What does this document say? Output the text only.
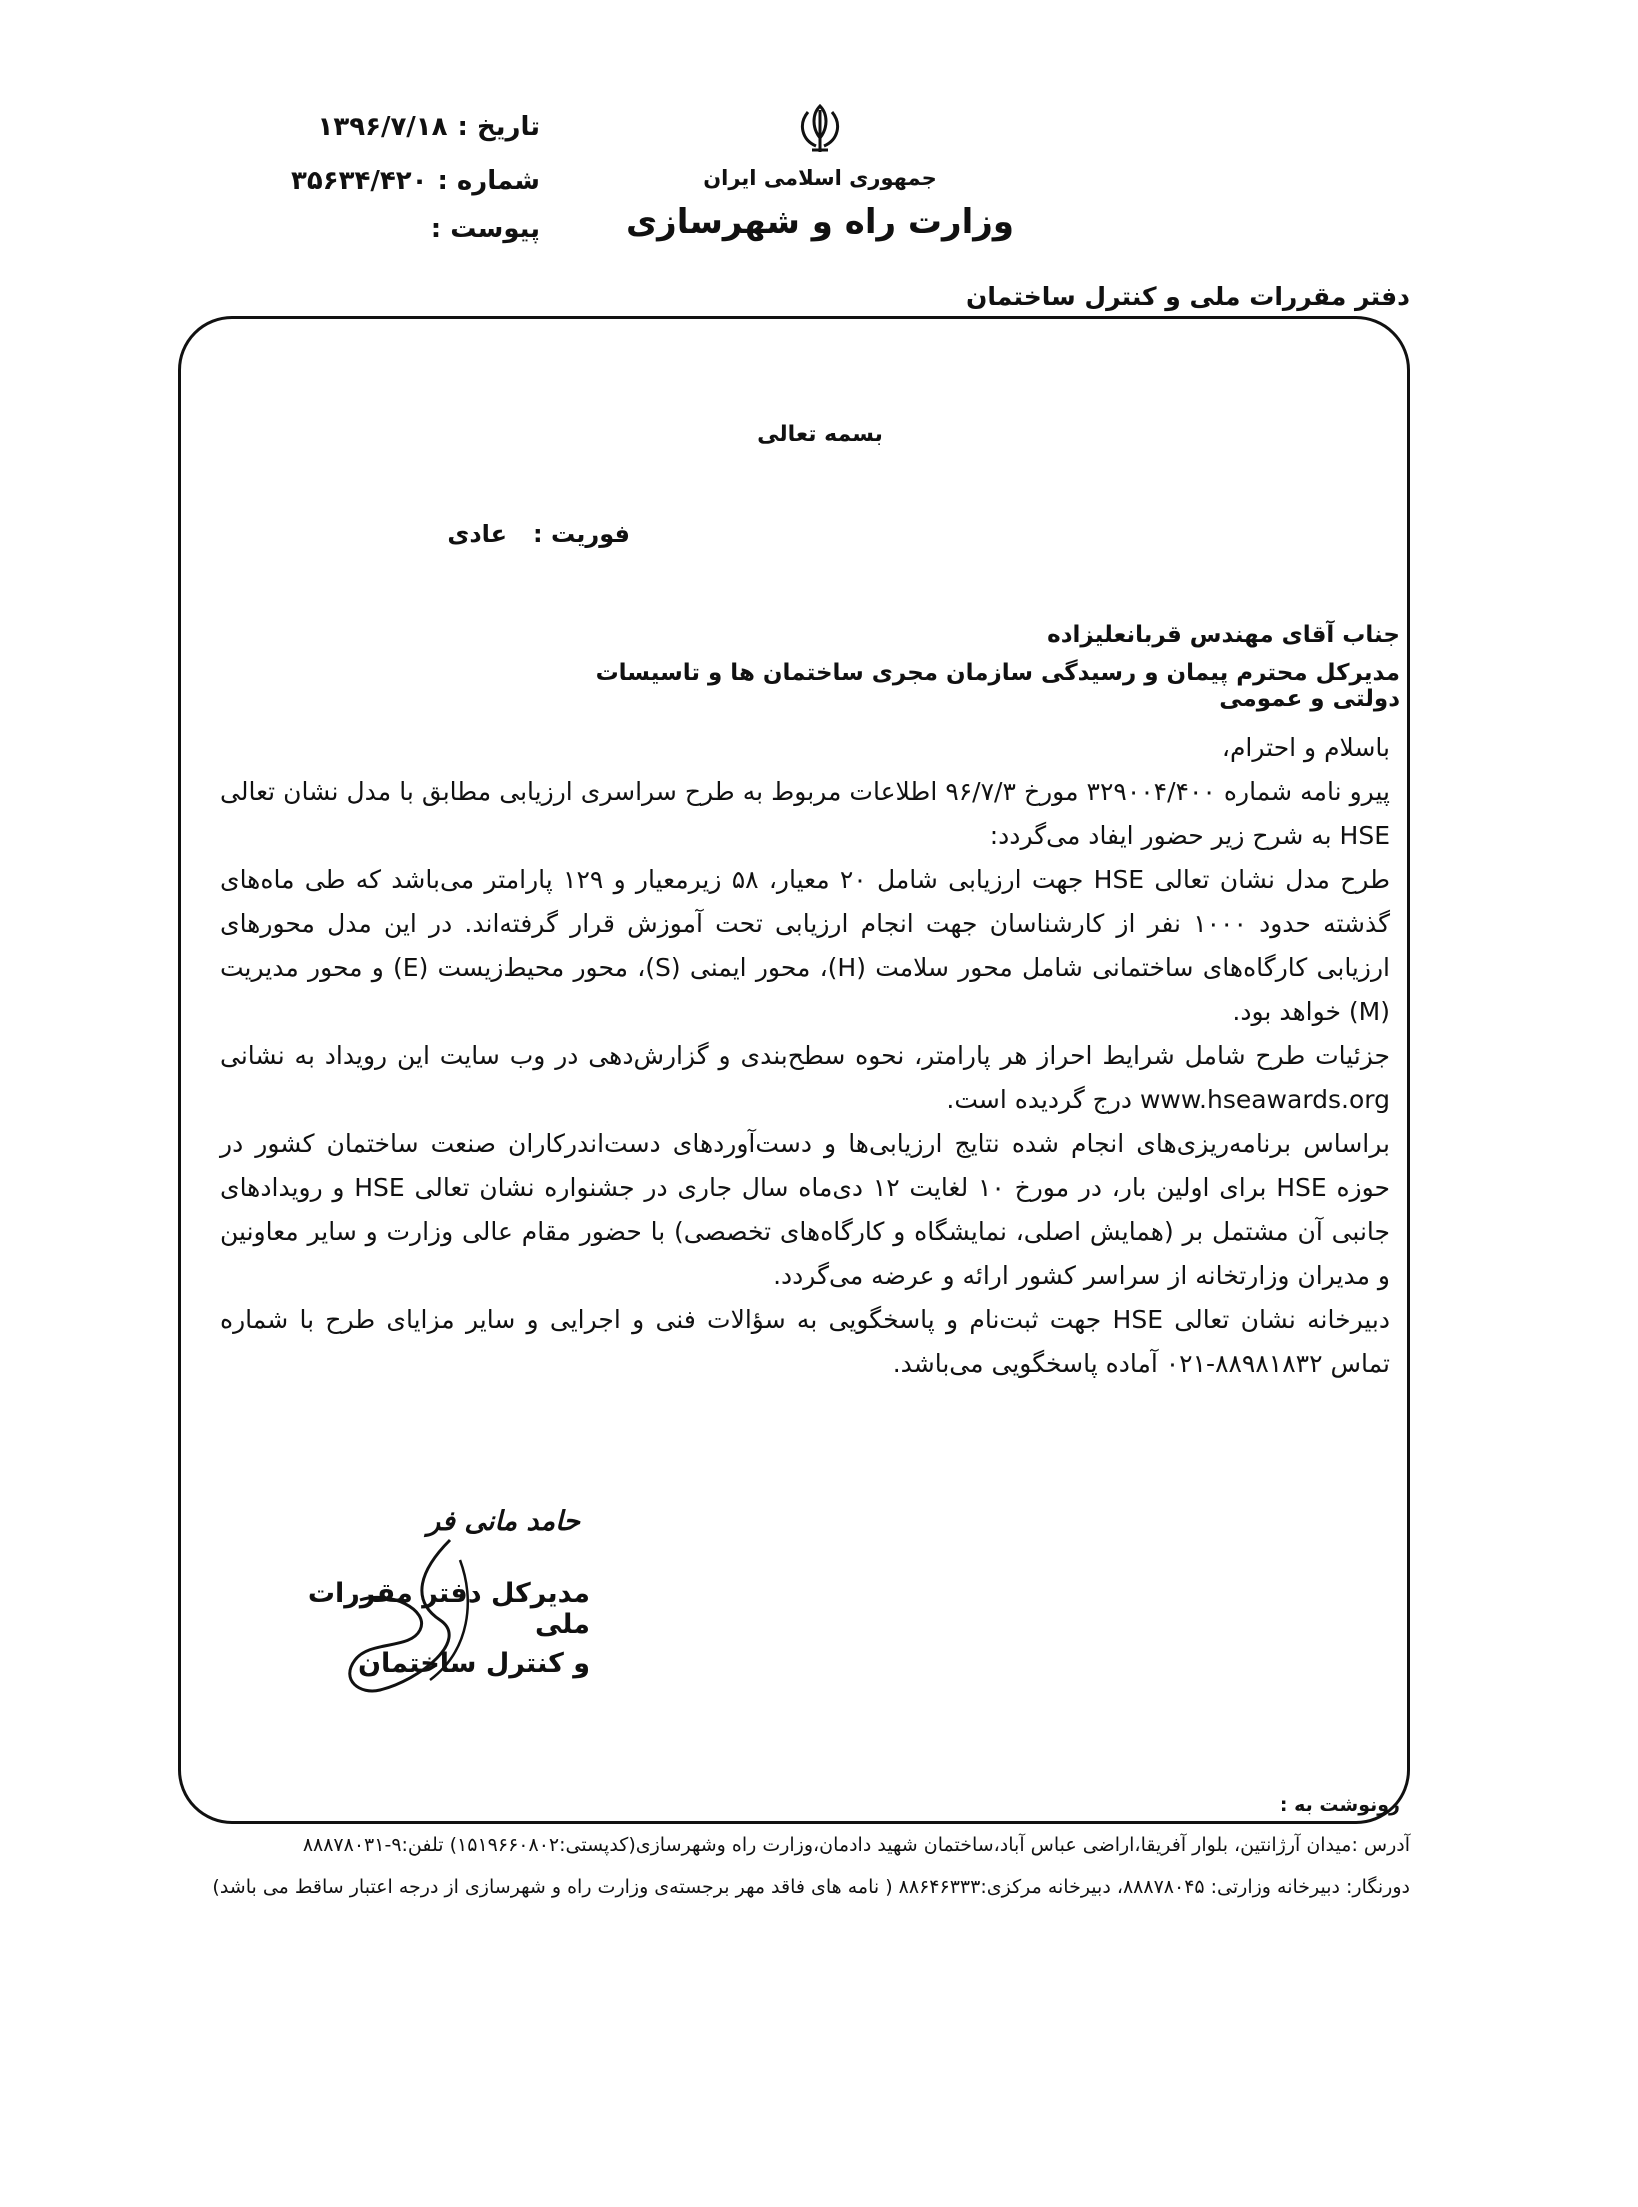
جمهوری اسلامی ایران
وزارت راه و شهرسازی
تاریخ :
۱۳۹۶/۷/۱۸
شماره :
۳۵۶۳۴/۴۲۰
پیوست :
دفتر مقررات ملی و کنترل ساختمان
بسمه تعالی
فوریت :
عادی
جناب آقای مهندس قربانعلیزاده
مدیرکل محترم پیمان و رسیدگی سازمان مجری ساختمان ها و تاسیسات دولتی و عمومی

باسلام و احترام،

پیرو نامه شماره ۳۲۹۰۰۴/۴۰۰ مورخ ۹۶/۷/۳ اطلاعات مربوط به طرح سراسری ارزیابی مطابق با مدل نشان تعالی HSE به شرح زیر حضور ایفاد می‌گردد:

طرح مدل نشان تعالی HSE جهت ارزیابی شامل ۲۰ معیار، ۵۸ زیرمعیار و ۱۲۹ پارامتر می‌باشد که طی ماه‌های گذشته حدود ۱۰۰۰ نفر از کارشناسان جهت انجام ارزیابی تحت آموزش قرار گرفته‌اند. در این مدل محورهای ارزیابی کارگاه‌های ساختمانی شامل محور سلامت (H)، محور ایمنی (S)، محور محیط‌زیست (E) و محور مدیریت (M) خواهد بود.

جزئیات طرح شامل شرایط احراز هر پارامتر، نحوه سطح‌بندی و گزارش‌دهی در وب سایت این رویداد به نشانی www.hseawards.org درج گردیده است.

براساس برنامه‌ریزی‌های انجام شده نتایج ارزیابی‌ها و دست‌آوردهای دست‌اندرکاران صنعت ساختمان کشور در حوزه HSE برای اولین بار، در مورخ ۱۰ لغایت ۱۲ دی‌ماه سال جاری در جشنواره نشان تعالی HSE و رویدادهای جانبی آن مشتمل بر (همایش اصلی، نمایشگاه و کارگاه‌های تخصصی) با حضور مقام عالی وزارت و سایر معاونین و مدیران وزارتخانه از سراسر کشور ارائه و عرضه می‌گردد.

دبیرخانه نشان تعالی HSE جهت ثبت‌نام و پاسخگویی به سؤالات فنی و اجرایی و سایر مزایای طرح با شماره تماس ۸۸۹۸۱۸۳۲-۰۲۱ آماده پاسخگویی می‌باشد.

حامد مانی فر
مدیرکل دفتر مقررات ملی
و کنترل ساختمان
رونوشت به :
آدرس :میدان آرژانتین، بلوار آفریقا،اراضی عباس آباد،ساختمان شهید دادمان،وزارت راه وشهرسازی(کدپستی:۱۵۱۹۶۶۰۸۰۲) تلفن:۹-۸۸۸۷۸۰۳۱
دورنگار: دبیرخانه وزارتی: ۸۸۸۷۸۰۴۵، دبیرخانه مرکزی:۸۸۶۴۶۳۳۳ ( نامه های فاقد مهر برجسته‌ی وزارت راه و شهرسازی از درجه اعتبار ساقط می باشد)
